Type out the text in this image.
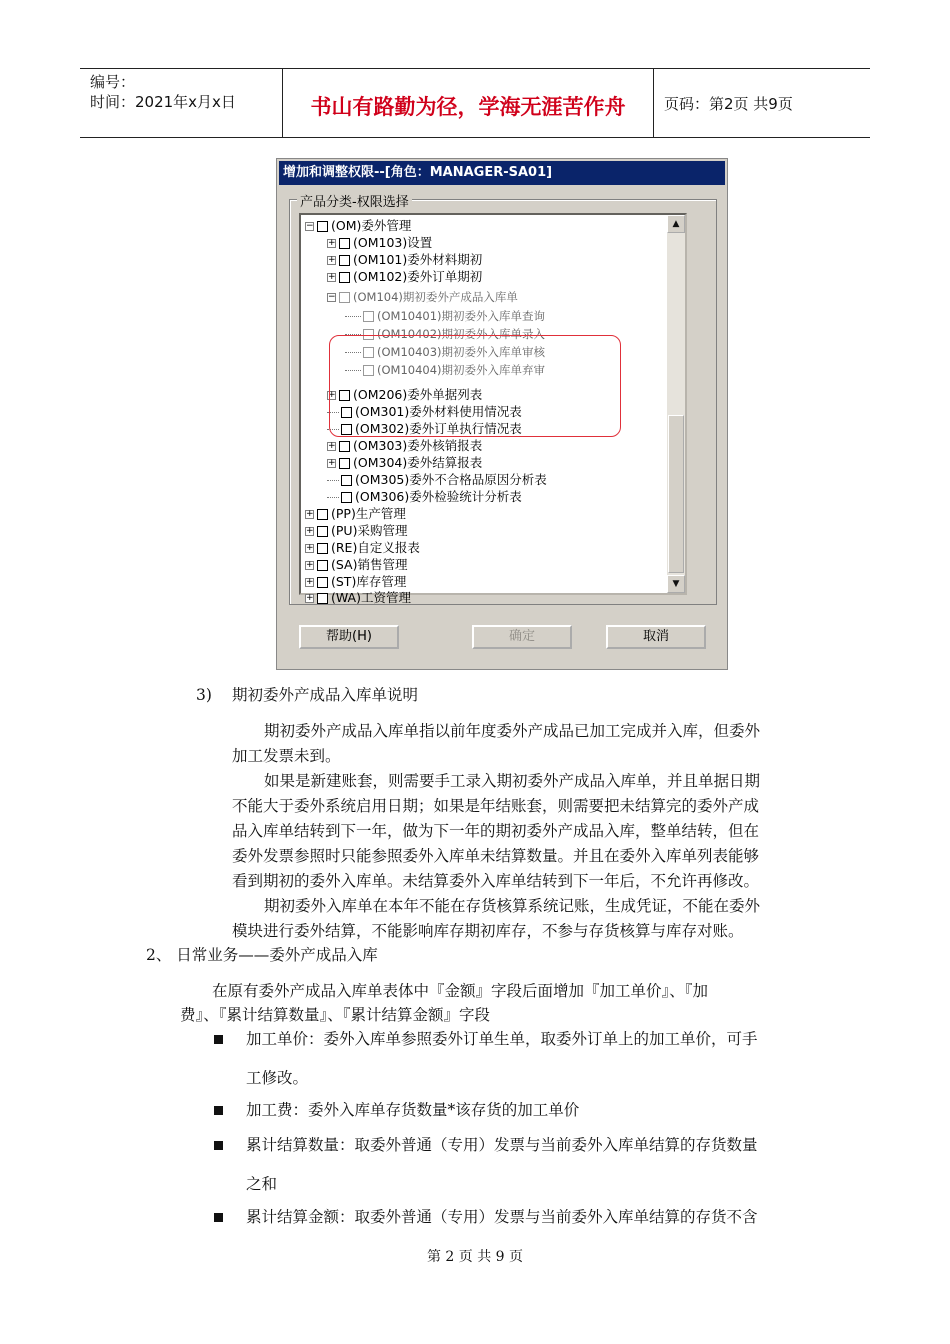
编号：
时间：2021年x月x日	书山有路勤为径，学海无涯苦作舟	页码：第2页 共9页
增加和调整权限--[角色：MANAGER-SA01]
产品分类-权限选择
− (OM)委外管理
+ (OM103)设置
+ (OM101)委外材料期初
+ (OM102)委外订单期初
− (OM104)期初委外产成品入库单
(OM10401)期初委外入库单查询
(OM10402)期初委外入库单录入
(OM10403)期初委外入库单审核
(OM10404)期初委外入库单弃审
+ (OM206)委外单据列表
(OM301)委外材料使用情况表
(OM302)委外订单执行情况表
+ (OM303)委外核销报表
+ (OM304)委外结算报表
(OM305)委外不合格品原因分析表
(OM306)委外检验统计分析表
+ (PP)生产管理
+ (PU)采购管理
+ (RE)自定义报表
+ (SA)销售管理
+ (ST)库存管理
+ (WA)工资管理
▲
▼
帮助(H)	确定	取消
3) 期初委外产成品入库单说明
期初委外产成品入库单指以前年度委外产成品已加工完成并入库，但委外
加工发票未到。
如果是新建账套，则需要手工录入期初委外产成品入库单，并且单据日期
不能大于委外系统启用日期；如果是年结账套，则需要把未结算完的委外产成
品入库单结转到下一年，做为下一年的期初委外产成品入库，整单结转，但在
委外发票参照时只能参照委外入库单未结算数量。并且在委外入库单列表能够
看到期初的委外入库单。未结算委外入库单结转到下一年后，不允许再修改。
期初委外入库单在本年不能在存货核算系统记账，生成凭证，不能在委外
模块进行委外结算，不能影响库存期初库存，不参与存货核算与库存对账。
2、 日常业务——委外产成品入库
在原有委外产成品入库单表体中『金额』字段后面增加『加工单价』、『加
费』、『累计结算数量』、『累计结算金额』字段
加工单价：委外入库单参照委外订单生单，取委外订单上的加工单价，可手
工修改。
加工费：委外入库单存货数量*该存货的加工单价
累计结算数量：取委外普通（专用）发票与当前委外入库单结算的存货数量
之和
累计结算金额：取委外普通（专用）发票与当前委外入库单结算的存货不含
第 2 页 共 9 页
